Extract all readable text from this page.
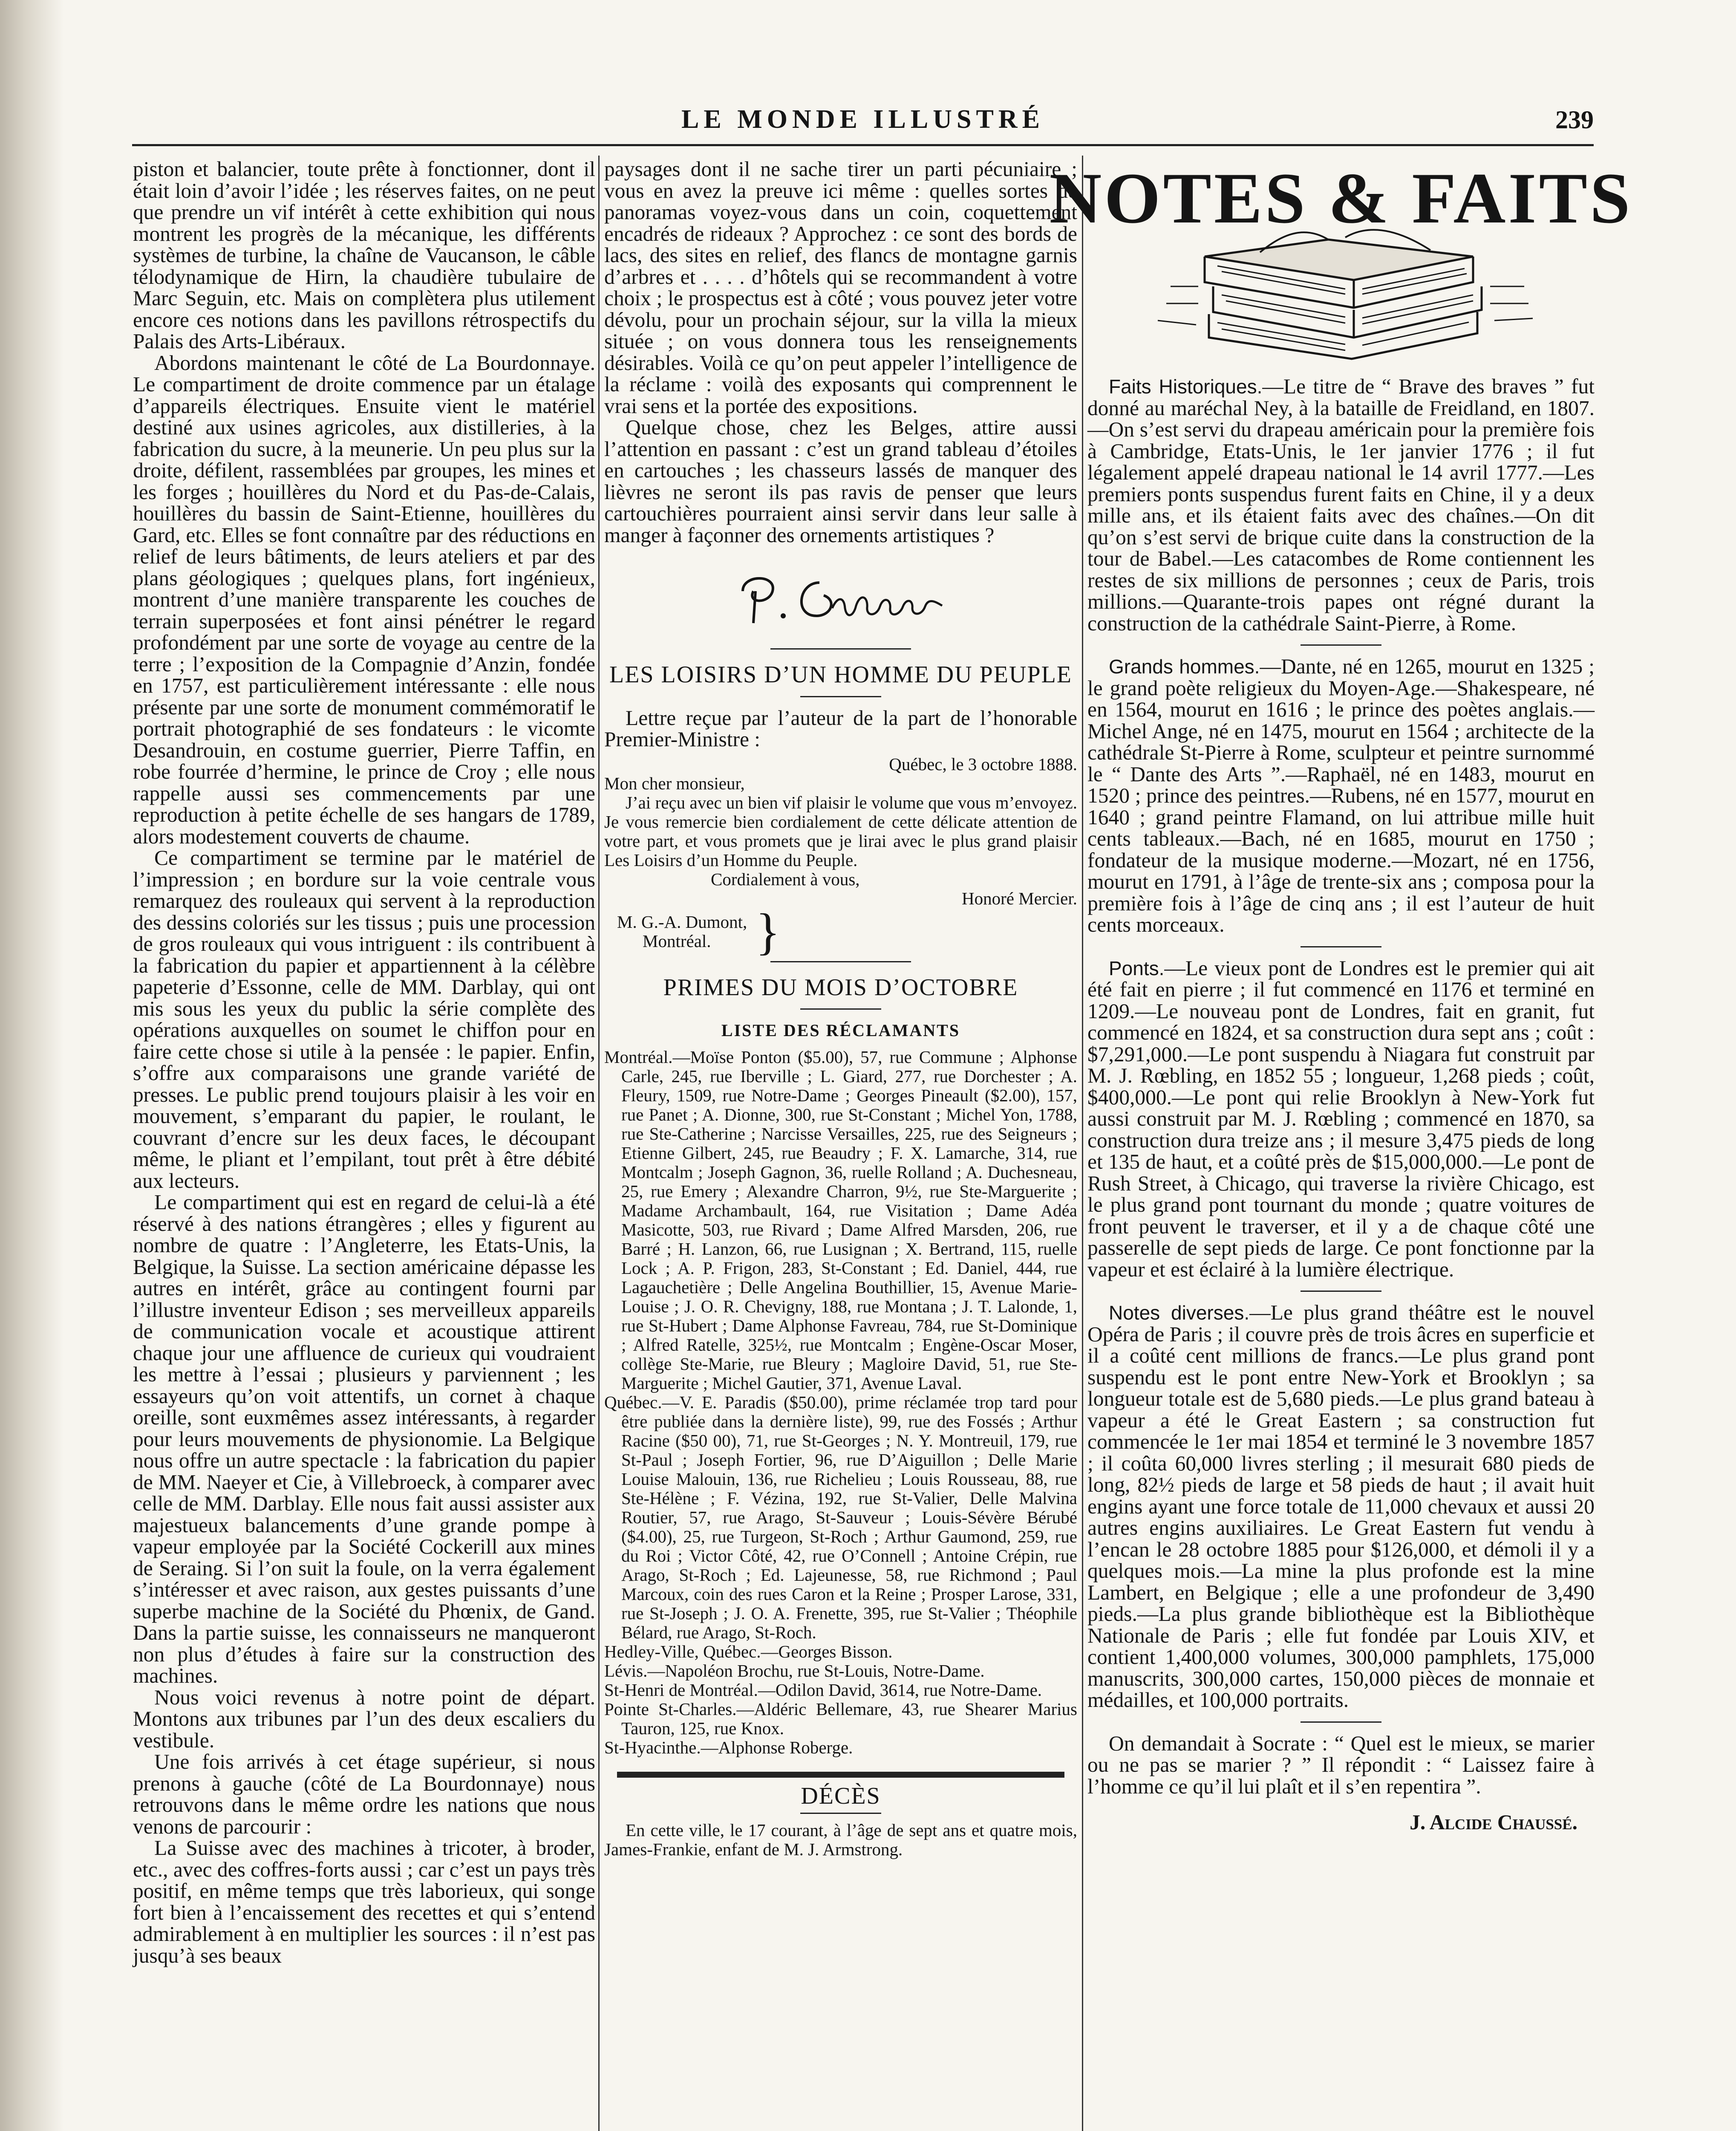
LE MONDE ILLUSTRÉ	239

piston et balancier, toute prête à fonctionner, dont il était loin d’avoir l’idée ; les réserves faites, on ne peut que prendre un vif intérêt à cette exhibition qui nous montrent les progrès de la mécanique, les différents systèmes de turbine, la chaîne de Vaucanson, le câble télodynamique de Hirn, la chaudière tubulaire de Marc Seguin, etc. Mais on complètera plus utilement encore ces notions dans les pavillons rétrospectifs du Palais des Arts-Libéraux.

Abordons maintenant le côté de La Bourdonnaye. Le compartiment de droite commence par un étalage d’appareils électriques. Ensuite vient le matériel destiné aux usines agricoles, aux distilleries, à la fabrication du sucre, à la meunerie. Un peu plus sur la droite, défilent, rassemblées par groupes, les mines et les forges ; houillères du Nord et du Pas-de-Calais, houillères du bassin de Saint-Etienne, houillères du Gard, etc. Elles se font connaître par des réductions en relief de leurs bâtiments, de leurs ateliers et par des plans géologiques ; quelques plans, fort ingénieux, montrent d’une manière transparente les couches de terrain superposées et font ainsi pénétrer le regard profondément par une sorte de voyage au centre de la terre ; l’exposition de la Compagnie d’Anzin, fondée en 1757, est particulièrement intéressante : elle nous présente par une sorte de monument commémoratif le portrait photographié de ses fondateurs : le vicomte Desandrouin, en costume guerrier, Pierre Taffin, en robe fourrée d’hermine, le prince de Croy ; elle nous rappelle aussi ses commencements par une reproduction à petite échelle de ses hangars de 1789, alors modestement couverts de chaume.

Ce compartiment se termine par le matériel de l’impression ; en bordure sur la voie centrale vous remarquez des rouleaux qui servent à la reproduction des dessins coloriés sur les tissus ; puis une procession de gros rouleaux qui vous intriguent : ils contribuent à la fabrication du papier et appartiennent à la célèbre papeterie d’Essonne, celle de MM. Darblay, qui ont mis sous les yeux du public la série complète des opérations auxquelles on soumet le chiffon pour en faire cette chose si utile à la pensée : le papier. Enfin, s’offre aux comparaisons une grande variété de presses. Le public prend toujours plaisir à les voir en mouvement, s’emparant du papier, le roulant, le couvrant d’encre sur les deux faces, le découpant même, le pliant et l’empilant, tout prêt à être débité aux lecteurs.

Le compartiment qui est en regard de celui-là a été réservé à des nations étrangères ; elles y figurent au nombre de quatre : l’Angleterre, les Etats-Unis, la Belgique, la Suisse. La section américaine dépasse les autres en intérêt, grâce au contingent fourni par l’illustre inventeur Edison ; ses merveilleux appareils de communication vocale et acoustique attirent chaque jour une affluence de curieux qui voudraient les mettre à l’essai ; plusieurs y parviennent ; les essayeurs qu’on voit attentifs, un cornet à chaque oreille, sont euxmêmes assez intéressants, à regarder pour leurs mouvements de physionomie. La Belgique nous offre un autre spectacle : la fabrication du papier de MM. Naeyer et Cie, à Villebroeck, à comparer avec celle de MM. Darblay. Elle nous fait aussi assister aux majestueux balancements d’une grande pompe à vapeur employée par la Société Cockerill aux mines de Seraing. Si l’on suit la foule, on la verra également s’intéresser et avec raison, aux gestes puissants d’une superbe machine de la Société du Phœnix, de Gand. Dans la partie suisse, les connaisseurs ne manqueront non plus d’études à faire sur la construction des machines.

Nous voici revenus à notre point de départ. Montons aux tribunes par l’un des deux escaliers du vestibule.

Une fois arrivés à cet étage supérieur, si nous prenons à gauche (côté de La Bourdonnaye) nous retrouvons dans le même ordre les nations que nous venons de parcourir :

La Suisse avec des machines à tricoter, à broder, etc., avec des coffres-forts aussi ; car c’est un pays très positif, en même temps que très laborieux, qui songe fort bien à l’encaissement des recettes et qui s’entend admirablement à en multiplier les sources : il n’est pas jusqu’à ses beaux

paysages dont il ne sache tirer un parti pécuniaire ; vous en avez la preuve ici même : quelles sortes de panoramas voyez-vous dans un coin, coquettement encadrés de rideaux ? Approchez : ce sont des bords de lacs, des sites en relief, des flancs de montagne garnis d’arbres et . . . . d’hôtels qui se recommandent à votre choix ; le prospectus est à côté ; vous pouvez jeter votre dévolu, pour un prochain séjour, sur la villa la mieux située ; on vous donnera tous les renseignements désirables. Voilà ce qu’on peut appeler l’intelligence de la réclame : voilà des exposants qui comprennent le vrai sens et la portée des expositions.

Quelque chose, chez les Belges, attire aussi l’attention en passant : c’est un grand tableau d’étoiles en cartouches ; les chasseurs lassés de manquer des lièvres ne seront ils pas ravis de penser que leurs cartouchières pourraient ainsi servir dans leur salle à manger à façonner des ornements artistiques ?

LES LOISIRS D’UN HOMME DU PEUPLE

Lettre reçue par l’auteur de la part de l’honorable Premier-Ministre :

Québec, le 3 octobre 1888.

Mon cher monsieur,

J’ai reçu avec un bien vif plaisir le volume que vous m’envoyez. Je vous remercie bien cordialement de cette délicate attention de votre part, et vous promets que je lirai avec le plus grand plaisir Les Loisirs d’un Homme du Peuple.

Cordialement à vous,

Honoré Mercier.

M. G.-A. Dumont,
Montréal. }
PRIMES DU MOIS D’OCTOBRE
LISTE DES RÉCLAMANTS

Montréal.—Moïse Ponton ($5.00), 57, rue Commune ; Alphonse Carle, 245, rue Iberville ; L. Giard, 277, rue Dorchester ; A. Fleury, 1509, rue Notre-Dame ; Georges Pineault ($2.00), 157, rue Panet ; A. Dionne, 300, rue St-Constant ; Michel Yon, 1788, rue Ste-Catherine ; Narcisse Versailles, 225, rue des Seigneurs ; Etienne Gilbert, 245, rue Beaudry ; F. X. Lamarche, 314, rue Montcalm ; Joseph Gagnon, 36, ruelle Rolland ; A. Duchesneau, 25, rue Emery ; Alexandre Charron, 9½, rue Ste-Marguerite ; Madame Archambault, 164, rue Visitation ; Dame Adéa Masicotte, 503, rue Rivard ; Dame Alfred Marsden, 206, rue Barré ; H. Lanzon, 66, rue Lusignan ; X. Bertrand, 115, ruelle Lock ; A. P. Frigon, 283, St-Constant ; Ed. Daniel, 444, rue Lagauchetière ; Delle Angelina Bouthillier, 15, Avenue Marie-Louise ; J. O. R. Chevigny, 188, rue Montana ; J. T. Lalonde, 1, rue St-Hubert ; Dame Alphonse Favreau, 784, rue St-Dominique ; Alfred Ratelle, 325½, rue Montcalm ; Engène-Oscar Moser, collège Ste-Marie, rue Bleury ; Magloire David, 51, rue Ste-Marguerite ; Michel Gautier, 371, Avenue Laval.

Québec.—V. E. Paradis ($50.00), prime réclamée trop tard pour être publiée dans la dernière liste), 99, rue des Fossés ; Arthur Racine ($50 00), 71, rue St-Georges ; N. Y. Montreuil, 179, rue St-Paul ; Joseph Fortier, 96, rue D’Aiguillon ; Delle Marie Louise Malouin, 136, rue Richelieu ; Louis Rousseau, 88, rue Ste-Hélène ; F. Vézina, 192, rue St-Valier, Delle Malvina Routier, 57, rue Arago, St-Sauveur ; Louis-Sévère Bérubé ($4.00), 25, rue Turgeon, St-Roch ; Arthur Gaumond, 259, rue du Roi ; Victor Côté, 42, rue O’Connell ; Antoine Crépin, rue Arago, St-Roch ; Ed. Lajeunesse, 58, rue Richmond ; Paul Marcoux, coin des rues Caron et la Reine ; Prosper Larose, 331, rue St-Joseph ; J. O. A. Frenette, 395, rue St-Valier ; Théophile Bélard, rue Arago, St-Roch.

Hedley-Ville, Québec.—Georges Bisson.

Lévis.—Napoléon Brochu, rue St-Louis, Notre-Dame.

St-Henri de Montréal.—Odilon David, 3614, rue Notre-Dame.

Pointe St-Charles.—Aldéric Bellemare, 43, rue Shearer Marius Tauron, 125, rue Knox.

St-Hyacinthe.—Alphonse Roberge.

DÉCÈS

En cette ville, le 17 courant, à l’âge de sept ans et quatre mois, James-Frankie, enfant de M. J. Armstrong.

NOTES & FAITS

Faits Historiques.—Le titre de “ Brave des braves ” fut donné au maréchal Ney, à la bataille de Freidland, en 1807.—On s’est servi du drapeau américain pour la première fois à Cambridge, Etats-Unis, le 1er janvier 1776 ; il fut légalement appelé drapeau national le 14 avril 1777.—Les premiers ponts suspendus furent faits en Chine, il y a deux mille ans, et ils étaient faits avec des chaînes.—On dit qu’on s’est servi de brique cuite dans la construction de la tour de Babel.—Les catacombes de Rome contiennent les restes de six millions de personnes ; ceux de Paris, trois millions.—Quarante-trois papes ont régné durant la construction de la cathédrale Saint-Pierre, à Rome.

Grands hommes.—Dante, né en 1265, mourut en 1325 ; le grand poète religieux du Moyen-Age.—Shakespeare, né en 1564, mourut en 1616 ; le prince des poètes anglais.—Michel Ange, né en 1475, mourut en 1564 ; architecte de la cathédrale St-Pierre à Rome, sculpteur et peintre surnommé le “ Dante des Arts ”.—Raphaël, né en 1483, mourut en 1520 ; prince des peintres.—Rubens, né en 1577, mourut en 1640 ; grand peintre Flamand, on lui attribue mille huit cents tableaux.—Bach, né en 1685, mourut en 1750 ; fondateur de la musique moderne.—Mozart, né en 1756, mourut en 1791, à l’âge de trente-six ans ; composa pour la première fois à l’âge de cinq ans ; il est l’auteur de huit cents morceaux.

Ponts.—Le vieux pont de Londres est le premier qui ait été fait en pierre ; il fut commencé en 1176 et terminé en 1209.—Le nouveau pont de Londres, fait en granit, fut commencé en 1824, et sa construction dura sept ans ; coût : $7,291,000.—Le pont suspendu à Niagara fut construit par M. J. Rœbling, en 1852 55 ; longueur, 1,268 pieds ; coût, $400,000.—Le pont qui relie Brooklyn à New-York fut aussi construit par M. J. Rœbling ; commencé en 1870, sa construction dura treize ans ; il mesure 3,475 pieds de long et 135 de haut, et a coûté près de $15,000,000.—Le pont de Rush Street, à Chicago, qui traverse la rivière Chicago, est le plus grand pont tournant du monde ; quatre voitures de front peuvent le traverser, et il y a de chaque côté une passerelle de sept pieds de large. Ce pont fonctionne par la vapeur et est éclairé à la lumière électrique.

Notes diverses.—Le plus grand théâtre est le nouvel Opéra de Paris ; il couvre près de trois âcres en superficie et il a coûté cent millions de francs.—Le plus grand pont suspendu est le pont entre New-York et Brooklyn ; sa longueur totale est de 5,680 pieds.—Le plus grand bateau à vapeur a été le Great Eastern ; sa construction fut commencée le 1er mai 1854 et terminé le 3 novembre 1857 ; il coûta 60,000 livres sterling ; il mesurait 680 pieds de long, 82½ pieds de large et 58 pieds de haut ; il avait huit engins ayant une force totale de 11,000 chevaux et aussi 20 autres engins auxiliaires. Le Great Eastern fut vendu à l’encan le 28 octobre 1885 pour $126,000, et démoli il y a quelques mois.—La mine la plus profonde est la mine Lambert, en Belgique ; elle a une profondeur de 3,490 pieds.—La plus grande bibliothèque est la Bibliothèque Nationale de Paris ; elle fut fondée par Louis XIV, et contient 1,400,000 volumes, 300,000 pamphlets, 175,000 manuscrits, 300,000 cartes, 150,000 pièces de monnaie et médailles, et 100,000 portraits.

On demandait à Socrate : “ Quel est le mieux, se marier ou ne pas se marier ? ” Il répondit : “ Laissez faire à l’homme ce qu’il lui plaît et il s’en repentira ”.

J. Alcide Chaussé.
